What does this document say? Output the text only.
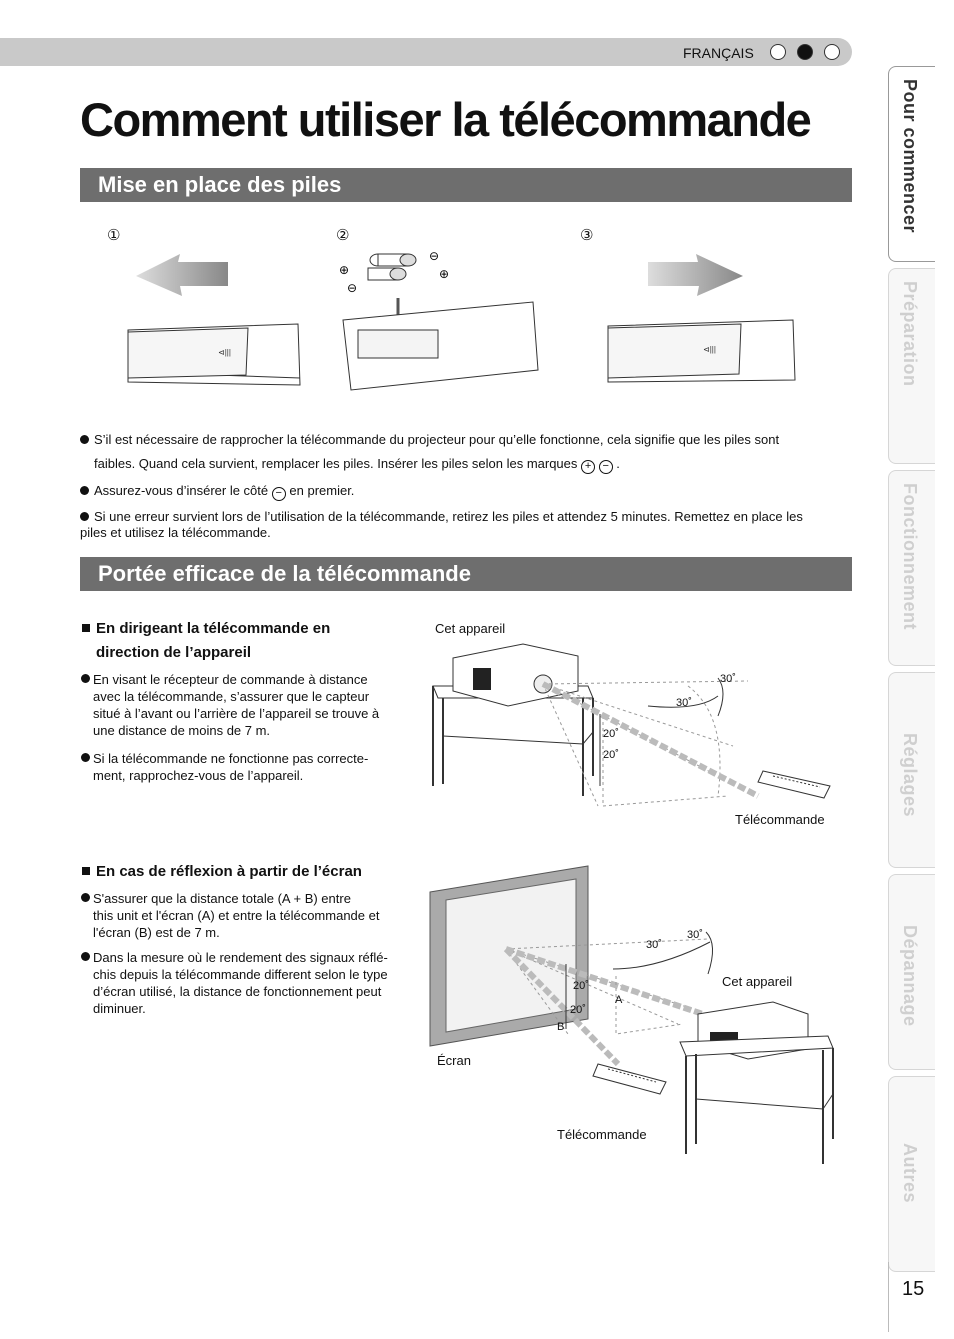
FRANÇAIS
Comment utiliser la télécommande
Mise en place des piles
①	②	③
⊲|||
⊕
⊖
⊖
⊕
⊲|||
S’il est nécessaire de rapprocher la télécommande du projecteur pour qu’elle fonctionne, cela signifie que les piles sont
faibles. Quand cela survient, remplacer les piles. Insérer les piles selon les marques + − .
Assurez-vous d’insérer le côté − en premier.
Si une erreur survient lors de l’utilisation de la télécommande, retirez les piles et attendez 5 minutes. Remettez en place les
piles et utilisez la télécommande.
Portée efficace de la télécommande
En dirigeant la télécommande en
direction de l’appareil
En visant le récepteur de commande à distance
avec la télécommande, s’assurer que le capteur
situé à l’avant ou l’arrière de l’appareil se trouve à
une distance de moins de 7 m.
Si la télécommande ne fonctionne pas correcte-
ment, rapprochez-vous de l’appareil.
Cet appareil
30˚
30˚
20˚
20˚
Télécommande
En cas de réflexion à partir de l’écran
S'assurer que la distance totale (A + B) entre
this unit et l'écran (A) et entre la télécommande et
l'écran (B) est de 7 m.
Dans la mesure où le rendement des signaux réflé-
chis depuis la télécommande different selon le type
d’écran utilisé, la distance de fonctionnement peut
diminuer.
30˚
30˚
20˚
20˚
A
B
Cet appareil
Écran
Télécommande
Pour commencer
Préparation
Fonctionnement
Réglages
Dépannage
Autres
15
